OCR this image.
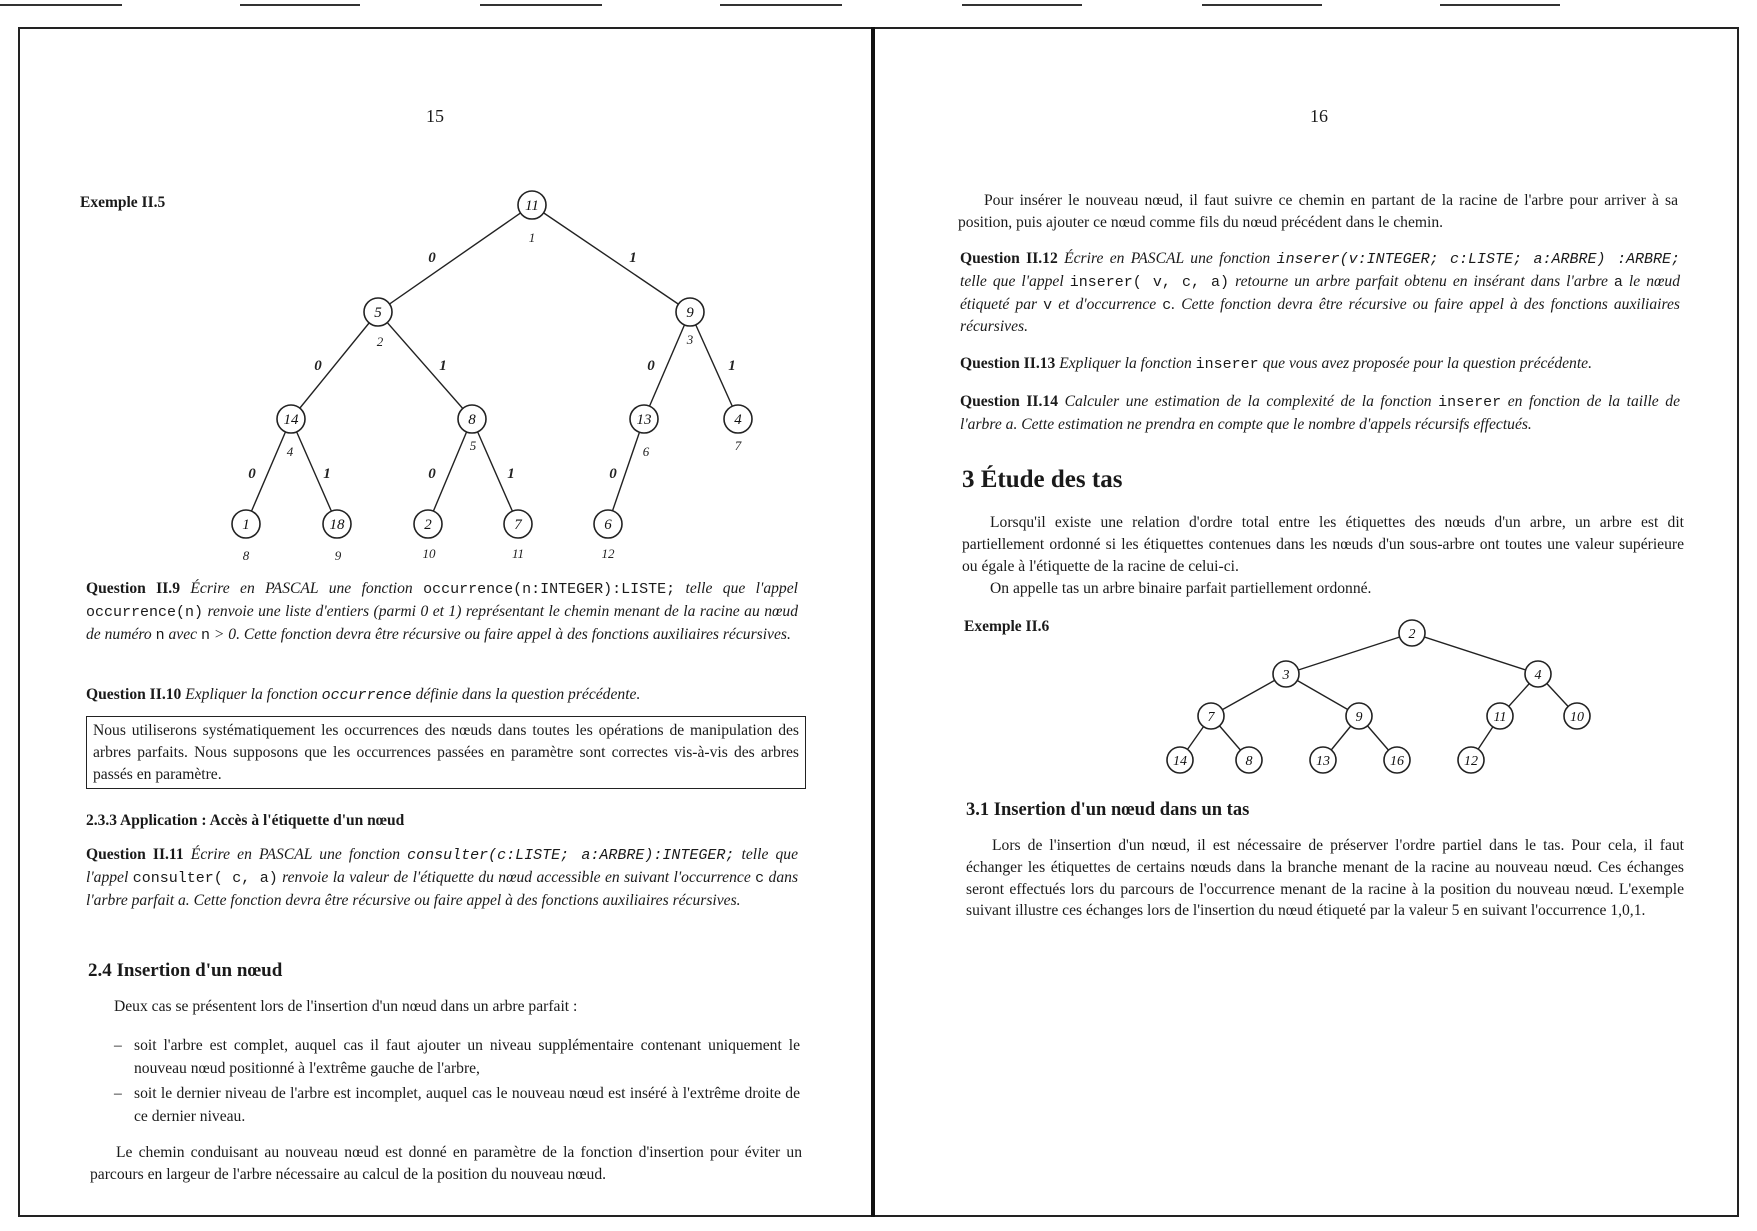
15
Exemple II.5	11
5	9
14	8	13	4
1	18	2	7	6
1
2	3
4	5	6	7
8	9	10	11	12
0	1
0	1	0	1
0	1	0	1	0
Question II.9 Écrire en PASCAL une fonction occurrence(n:INTEGER):LISTE; telle que l'appel occurrence(n) renvoie une liste d'entiers (parmi 0 et 1) représentant le chemin menant de la racine au nœud de numéro n avec n > 0. Cette fonction devra être récursive ou faire appel à des fonctions auxiliaires récursives.
Question II.10 Expliquer la fonction occurrence définie dans la question précédente.
Nous utiliserons systématiquement les occurrences des nœuds dans toutes les opérations de manipulation des arbres parfaits. Nous supposons que les occurrences passées en paramètre sont correctes vis-à-vis des arbres passés en paramètre.
2.3.3 Application : Accès à l'étiquette d'un nœud
Question II.11 Écrire en PASCAL une fonction consulter(c:LISTE; a:ARBRE):INTEGER; telle que l'appel consulter( c, a) renvoie la valeur de l'étiquette du nœud accessible en suivant l'occurrence c dans l'arbre parfait a. Cette fonction devra être récursive ou faire appel à des fonctions auxiliaires récursives.
2.4 Insertion d'un nœud
Deux cas se présentent lors de l'insertion d'un nœud dans un arbre parfait :
– soit l'arbre est complet, auquel cas il faut ajouter un niveau supplémentaire contenant uniquement le nouveau nœud positionné à l'extrême gauche de l'arbre,
– soit le dernier niveau de l'arbre est incomplet, auquel cas le nouveau nœud est inséré à l'extrême droite de ce dernier niveau.
Le chemin conduisant au nouveau nœud est donné en paramètre de la fonction d'insertion pour éviter un parcours en largeur de l'arbre nécessaire au calcul de la position du nouveau nœud.
16
Pour insérer le nouveau nœud, il faut suivre ce chemin en partant de la racine de l'arbre pour arriver à sa position, puis ajouter ce nœud comme fils du nœud précédent dans le chemin.
Question II.12 Écrire en PASCAL une fonction inserer(v:INTEGER; c:LISTE; a:ARBRE) :ARBRE; telle que l'appel inserer( v, c, a) retourne un arbre parfait obtenu en insérant dans l'arbre a le nœud étiqueté par v et d'occurrence c. Cette fonction devra être récursive ou faire appel à des fonctions auxiliaires récursives.
Question II.13 Expliquer la fonction inserer que vous avez proposée pour la question précédente.
Question II.14 Calculer une estimation de la complexité de la fonction inserer en fonction de la taille de l'arbre a. Cette estimation ne prendra en compte que le nombre d'appels récursifs effectués.
3 Étude des tas
Lorsqu'il existe une relation d'ordre total entre les étiquettes des nœuds d'un arbre, un arbre est dit partiellement ordonné si les étiquettes contenues dans les nœuds d'un sous-arbre ont toutes une valeur supérieure ou égale à l'étiquette de la racine de celui-ci.
On appelle tas un arbre binaire parfait partiellement ordonné.
Exemple II.6	2
3	4
7	9	11	10
14	8	13	16	12
3.1 Insertion d'un nœud dans un tas
Lors de l'insertion d'un nœud, il est nécessaire de préserver l'ordre partiel dans le tas. Pour cela, il faut échanger les étiquettes de certains nœuds dans la branche menant de la racine au nouveau nœud. Ces échanges seront effectués lors du parcours de l'occurrence menant de la racine à la position du nouveau nœud. L'exemple suivant illustre ces échanges lors de l'insertion du nœud étiqueté par la valeur 5 en suivant l'occurrence 1,0,1.
